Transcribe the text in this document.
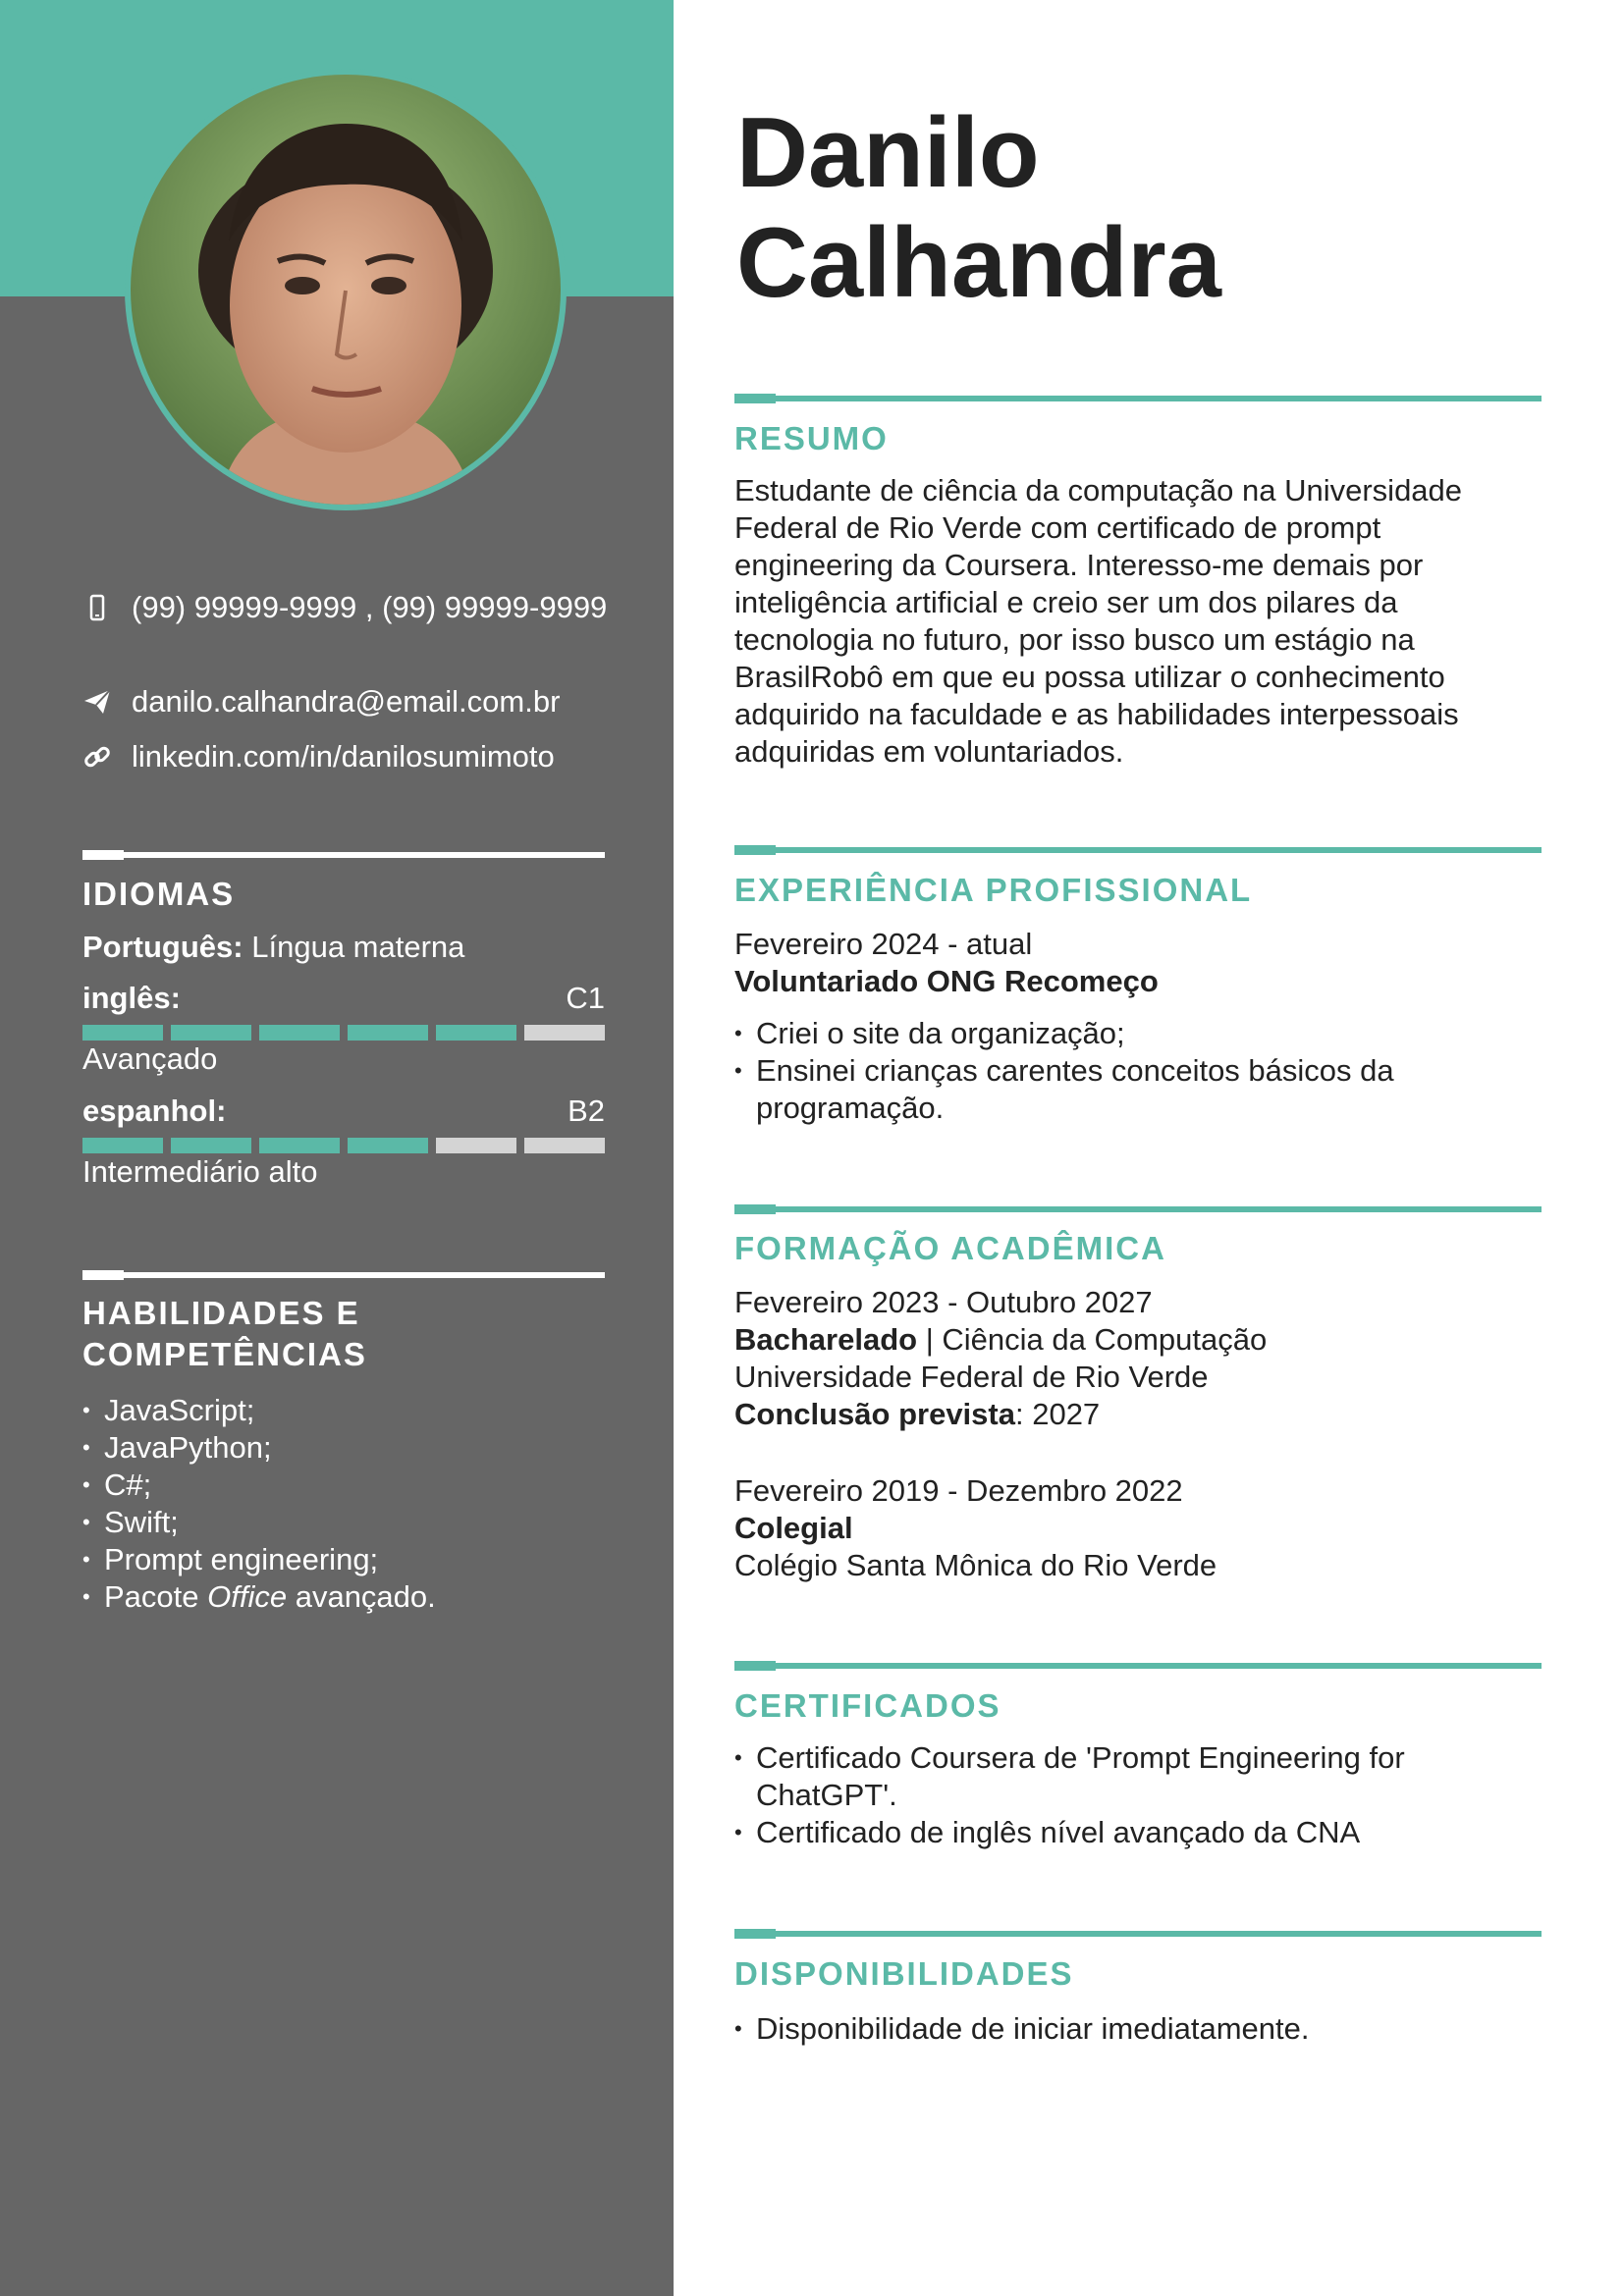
(99) 99999-9999 , (99) 99999-9999
danilo.calhandra@email.com.br
linkedin.com/in/danilosumimoto
IDIOMAS
Português: Língua materna
inglês:	C1
Avançado
espanhol:	B2
Intermediário alto
HABILIDADES E COMPETÊNCIAS
• JavaScript;
• JavaPython;
• C#;
• Swift;
• Prompt engineering;
• Pacote Office avançado.
Danilo
Calhandra
RESUMO
Estudante de ciência da computação na Universidade Federal de Rio Verde com certificado de prompt engineering da Coursera. Interesso-me demais por inteligência artificial e creio ser um dos pilares da tecnologia no futuro, por isso busco um estágio na BrasilRobô em que eu possa utilizar o conhecimento adquirido na faculdade e as habilidades interpessoais adquiridas em voluntariados.
EXPERIÊNCIA PROFISSIONAL
Fevereiro 2024 - atual
Voluntariado ONG Recomeço
• Criei o site da organização;
• Ensinei crianças carentes conceitos básicos da programação.
FORMAÇÃO ACADÊMICA
Fevereiro 2023 - Outubro 2027
Bacharelado | Ciência da Computação
Universidade Federal de Rio Verde
Conclusão prevista: 2027
Fevereiro 2019 - Dezembro 2022
Colegial
Colégio Santa Mônica do Rio Verde
CERTIFICADOS
• Certificado Coursera de 'Prompt Engineering for ChatGPT'.
• Certificado de inglês nível avançado da CNA
DISPONIBILIDADES
• Disponibilidade de iniciar imediatamente.
